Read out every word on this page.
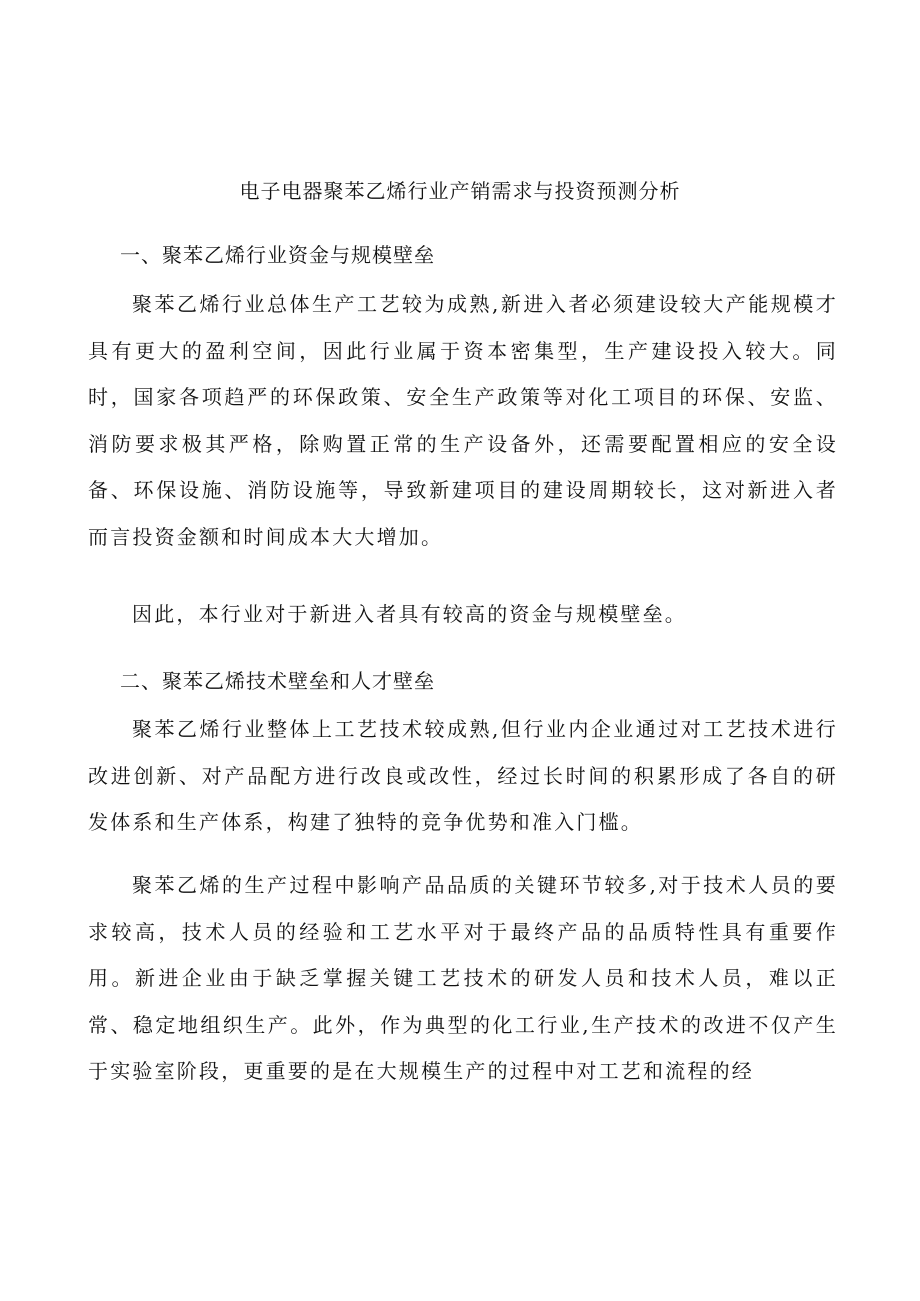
电子电器聚苯乙烯行业产销需求与投资预测分析
一、聚苯乙烯行业资金与规模壁垒

聚苯乙烯行业总体生产工艺较为成熟,新进入者必须建设较大产能规模才具有更大的盈利空间，因此行业属于资本密集型，生产建设投入较大。同时，国家各项趋严的环保政策、安全生产政策等对化工项目的环保、安监、消防要求极其严格，除购置正常的生产设备外，还需要配置相应的安全设备、环保设施、消防设施等，导致新建项目的建设周期较长，这对新进入者而言投资金额和时间成本大大增加。

因此，本行业对于新进入者具有较高的资金与规模壁垒。

二、聚苯乙烯技术壁垒和人才壁垒

聚苯乙烯行业整体上工艺技术较成熟,但行业内企业通过对工艺技术进行改进创新、对产品配方进行改良或改性，经过长时间的积累形成了各自的研发体系和生产体系，构建了独特的竞争优势和准入门槛。

聚苯乙烯的生产过程中影响产品品质的关键环节较多,对于技术人员的要求较高，技术人员的经验和工艺水平对于最终产品的品质特性具有重要作用。新进企业由于缺乏掌握关键工艺技术的研发人员和技术人员，难以正常、稳定地组织生产。此外，作为典型的化工行业,生产技术的改进不仅产生于实验室阶段，更重要的是在大规模生产的过程中对工艺和流程的经
